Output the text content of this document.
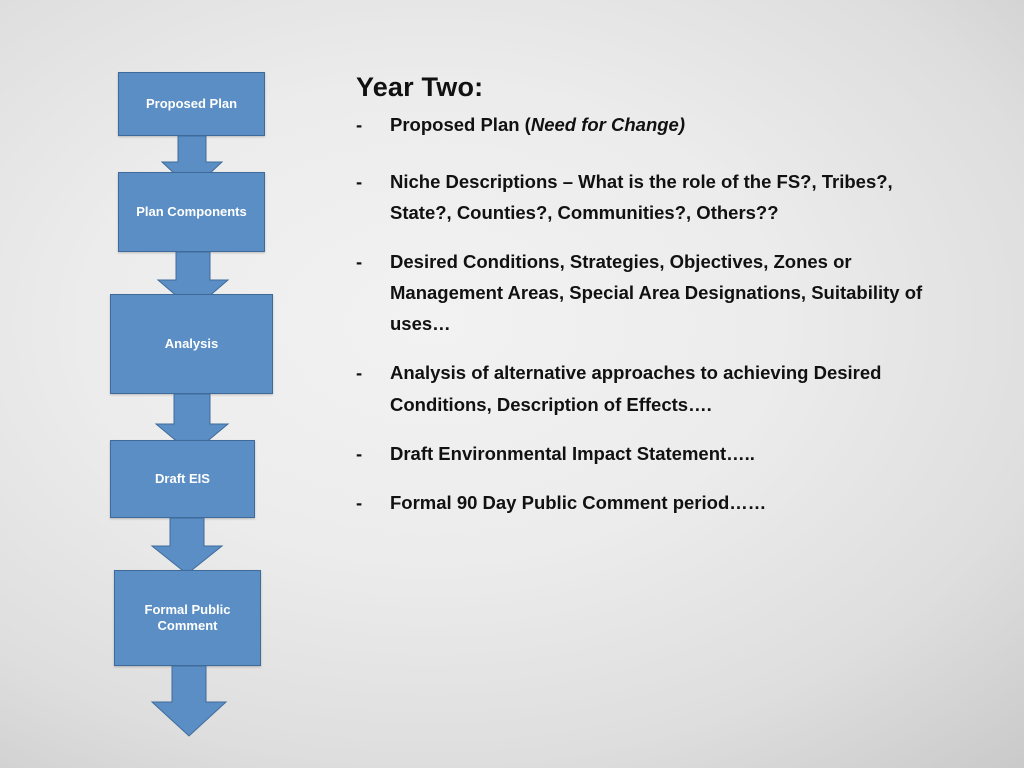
Proposed Plan
Plan Components
Analysis
Draft EIS
Formal Public Comment
Year Two:
-	Proposed Plan (Need for Change)
-	Niche Descriptions – What is the role of the FS?, Tribes?, State?, Counties?, Communities?, Others??
-	Desired Conditions, Strategies, Objectives, Zones or Management Areas, Special Area Designations, Suitability of uses…
-	Analysis of alternative approaches to achieving Desired Conditions, Description of Effects….
-	Draft Environmental Impact Statement…..
-	Formal 90 Day Public Comment period……
